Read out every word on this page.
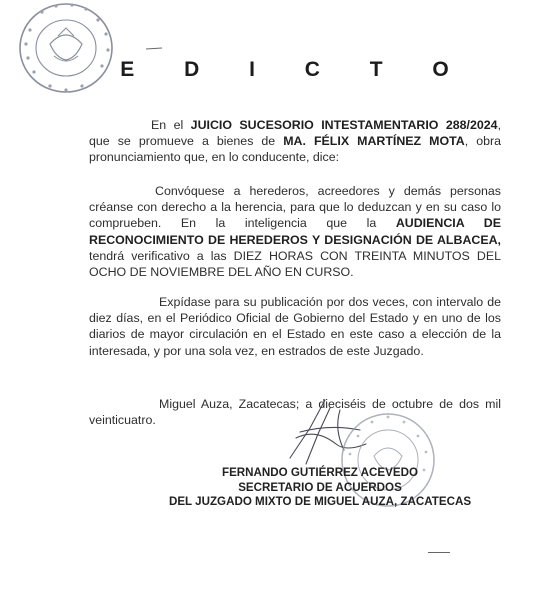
E D I C T O
En el JUICIO SUCESORIO INTESTAMENTARIO 288/2024, que se promueve a bienes de MA. FÉLIX MARTÍNEZ MOTA, obra pronunciamiento que, en lo conducente, dice:
Convóquese a herederos, acreedores y demás personas créanse con derecho a la herencia, para que lo deduzcan y en su caso lo comprueben. En la inteligencia que la AUDIENCIA DE RECONOCIMIENTO DE HEREDEROS Y DESIGNACIÓN DE ALBACEA, tendrá verificativo a las DIEZ HORAS CON TREINTA MINUTOS DEL OCHO DE NOVIEMBRE DEL AÑO EN CURSO.
Expídase para su publicación por dos veces, con intervalo de diez días, en el Periódico Oficial de Gobierno del Estado y en uno de los diarios de mayor circulación en el Estado en este caso a elección de la interesada, y por una sola vez, en estrados de este Juzgado.
Miguel Auza, Zacatecas; a dieciséis de octubre de dos mil veinticuatro.
FERNANDO GUTIÉRREZ ACEVEDO
SECRETARIO DE ACUERDOS
DEL JUZGADO MIXTO DE MIGUEL AUZA, ZACATECAS
